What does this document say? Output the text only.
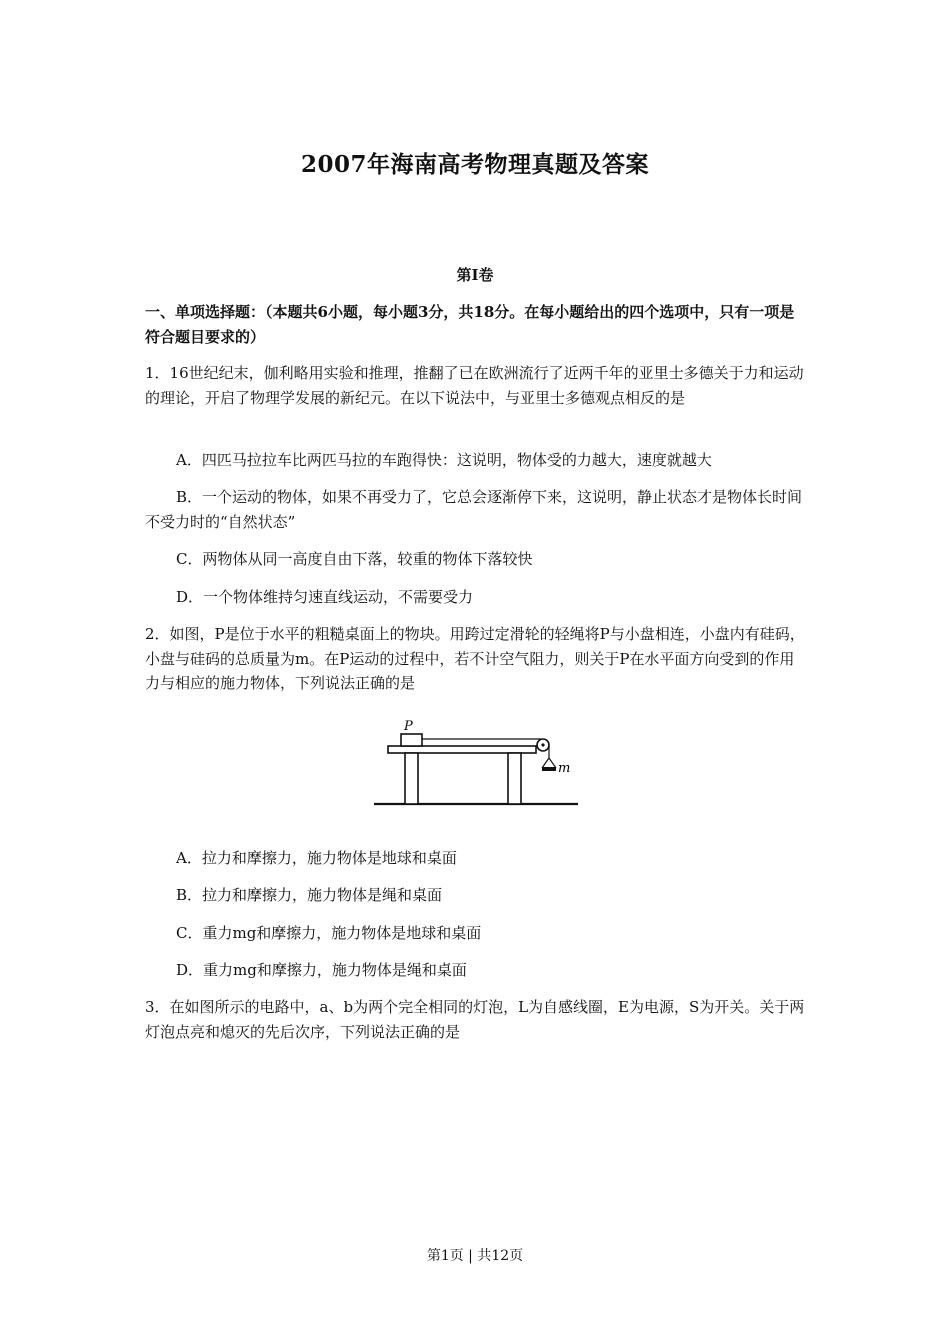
2007年海南高考物理真题及答案
第Ⅰ卷
一、单项选择题：（本题共6小题，每小题3分，共18分。在每小题给出的四个选项中，只有一项是符合题目要求的）
1．16世纪纪末，伽利略用实验和推理，推翻了已在欧洲流行了近两千年的亚里士多德关于力和运动的理论，开启了物理学发展的新纪元。在以下说法中，与亚里士多德观点相反的是
A．四匹马拉拉车比两匹马拉的车跑得快：这说明，物体受的力越大，速度就越大
B．一个运动的物体，如果不再受力了，它总会逐渐停下来，这说明，静止状态才是物体长时间不受力时的“自然状态”
C．两物体从同一高度自由下落，较重的物体下落较快
D．一个物体维持匀速直线运动，不需要受力
2．如图，P是位于水平的粗糙桌面上的物块。用跨过定滑轮的轻绳将P与小盘相连，小盘内有硅码，小盘与硅码的总质量为m。在P运动的过程中，若不计空气阻力，则关于P在水平面方向受到的作用力与相应的施力物体，下列说法正确的是
P
m
A．拉力和摩擦力，施力物体是地球和桌面
B．拉力和摩擦力，施力物体是绳和桌面
C．重力mg和摩擦力，施力物体是地球和桌面
D．重力mg和摩擦力，施力物体是绳和桌面
3．在如图所示的电路中，a、b为两个完全相同的灯泡，L为自感线圈，E为电源，S为开关。关于两灯泡点亮和熄灭的先后次序，下列说法正确的是
第1页 | 共12页
